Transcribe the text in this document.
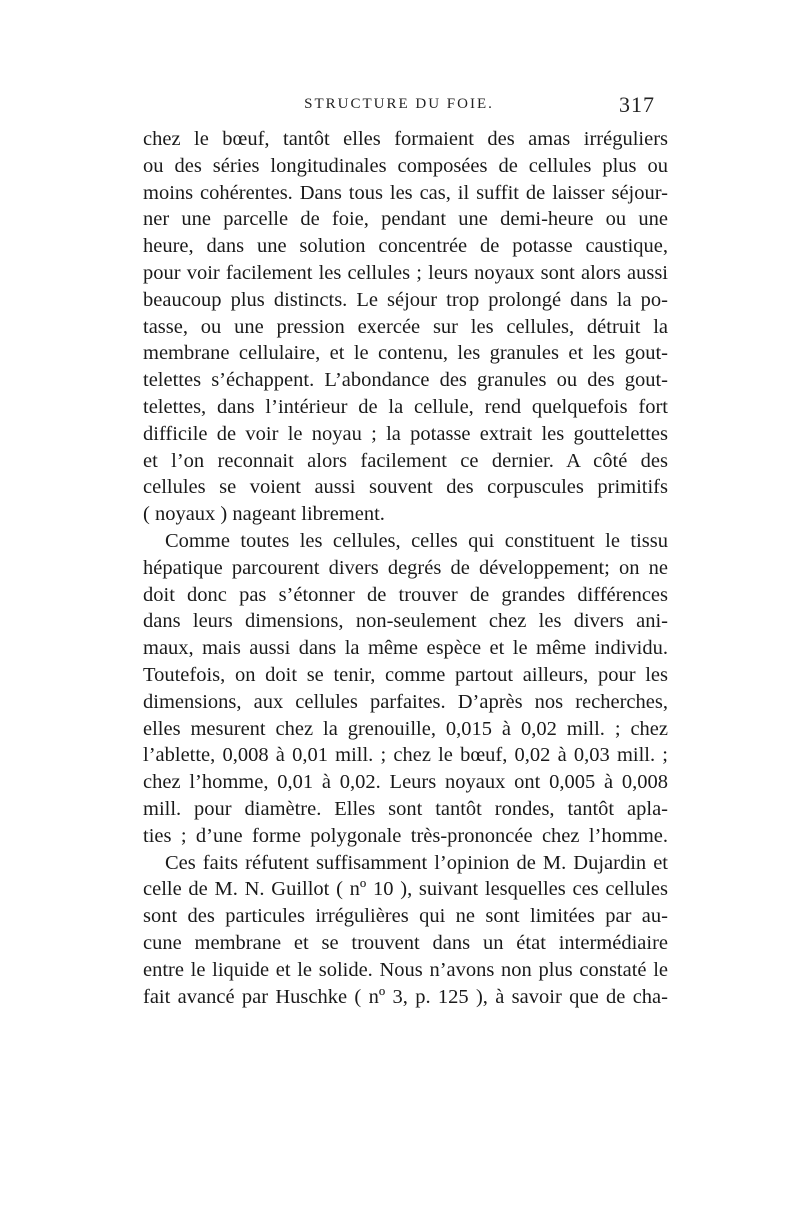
STRUCTURE DU FOIE.	317
chez le bœuf, tantôt elles formaient des amas irréguliers
ou des séries longitudinales composées de cellules plus ou
moins cohérentes. Dans tous les cas, il suffit de laisser séjour-
ner une parcelle de foie, pendant une demi-heure ou une
heure, dans une solution concentrée de potasse caustique,
pour voir facilement les cellules ; leurs noyaux sont alors aussi
beaucoup plus distincts. Le séjour trop prolongé dans la po-
tasse, ou une pression exercée sur les cellules, détruit la
membrane cellulaire, et le contenu, les granules et les gout-
telettes s’échappent. L’abondance des granules ou des gout-
telettes, dans l’intérieur de la cellule, rend quelquefois fort
difficile de voir le noyau ; la potasse extrait les gouttelettes
et l’on reconnait alors facilement ce dernier. A côté des
cellules se voient aussi souvent des corpuscules primitifs
( noyaux ) nageant librement.
Comme toutes les cellules, celles qui constituent le tissu
hépatique parcourent divers degrés de développement; on ne
doit donc pas s’étonner de trouver de grandes différences
dans leurs dimensions, non-seulement chez les divers ani-
maux, mais aussi dans la même espèce et le même individu.
Toutefois, on doit se tenir, comme partout ailleurs, pour les
dimensions, aux cellules parfaites. D’après nos recherches,
elles mesurent chez la grenouille, 0,015 à 0,02 mill. ; chez
l’ablette, 0,008 à 0,01 mill. ; chez le bœuf, 0,02 à 0,03 mill. ;
chez l’homme, 0,01 à 0,02. Leurs noyaux ont 0,005 à 0,008
mill. pour diamètre. Elles sont tantôt rondes, tantôt apla-
ties ; d’une forme polygonale très-prononcée chez l’homme.
Ces faits réfutent suffisamment l’opinion de M. Dujardin et
celle de M. N. Guillot ( nº 10 ), suivant lesquelles ces cellules
sont des particules irrégulières qui ne sont limitées par au-
cune membrane et se trouvent dans un état intermédiaire
entre le liquide et le solide. Nous n’avons non plus constaté le
fait avancé par Huschke ( nº 3, p. 125 ), à savoir que de cha-
